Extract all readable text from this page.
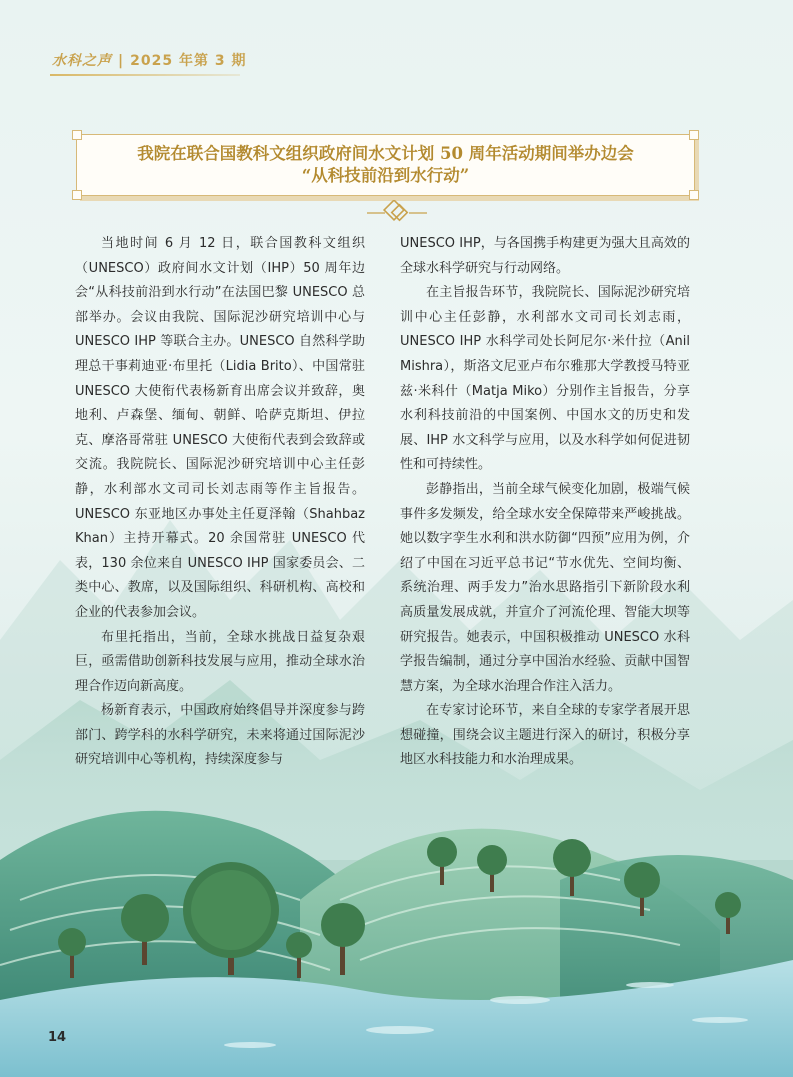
水科之声 | 2025 年第 3 期
我院在联合国教科文组织政府间水文计划 50 周年活动期间举办边会
“从科技前沿到水行动”

当地时间 6 月 12 日，联合国教科文组织（UNESCO）政府间水文计划（IHP）50 周年边会“从科技前沿到水行动”在法国巴黎 UNESCO 总部举办。会议由我院、国际泥沙研究培训中心与 UNESCO IHP 等联合主办。UNESCO 自然科学助理总干事莉迪亚·布里托（Lidia Brito）、中国常驻 UNESCO 大使衔代表杨新育出席会议并致辞，奥地利、卢森堡、缅甸、朝鲜、哈萨克斯坦、伊拉克、摩洛哥常驻 UNESCO 大使衔代表到会致辞或交流。我院院长、国际泥沙研究培训中心主任彭静，水利部水文司司长刘志雨等作主旨报告。UNESCO 东亚地区办事处主任夏泽翰（Shahbaz Khan）主持开幕式。20 余国常驻 UNESCO 代表，130 余位来自 UNESCO IHP 国家委员会、二类中心、教席，以及国际组织、科研机构、高校和企业的代表参加会议。

布里托指出，当前，全球水挑战日益复杂艰巨，亟需借助创新科技发展与应用，推动全球水治理合作迈向新高度。

杨新育表示，中国政府始终倡导并深度参与跨部门、跨学科的水科学研究，未来将通过国际泥沙研究培训中心等机构，持续深度参与

UNESCO IHP，与各国携手构建更为强大且高效的全球水科学研究与行动网络。

在主旨报告环节，我院院长、国际泥沙研究培训中心主任彭静，水利部水文司司长刘志雨，UNESCO IHP 水科学司处长阿尼尔·米什拉（Anil Mishra），斯洛文尼亚卢布尔雅那大学教授马特亚兹·米科什（Matja Miko）分别作主旨报告，分享水利科技前沿的中国案例、中国水文的历史和发展、IHP 水文科学与应用，以及水科学如何促进韧性和可持续性。

彭静指出，当前全球气候变化加剧，极端气候事件多发频发，给全球水安全保障带来严峻挑战。她以数字孪生水利和洪水防御“四预”应用为例，介绍了中国在习近平总书记“节水优先、空间均衡、系统治理、两手发力”治水思路指引下新阶段水利高质量发展成就，并宣介了河流伦理、智能大坝等研究报告。她表示，中国积极推动 UNESCO 水科学报告编制，通过分享中国治水经验、贡献中国智慧方案，为全球水治理合作注入活力。

在专家讨论环节，来自全球的专家学者展开思想碰撞，围绕会议主题进行深入的研讨，积极分享地区水科技能力和水治理成果。

14
